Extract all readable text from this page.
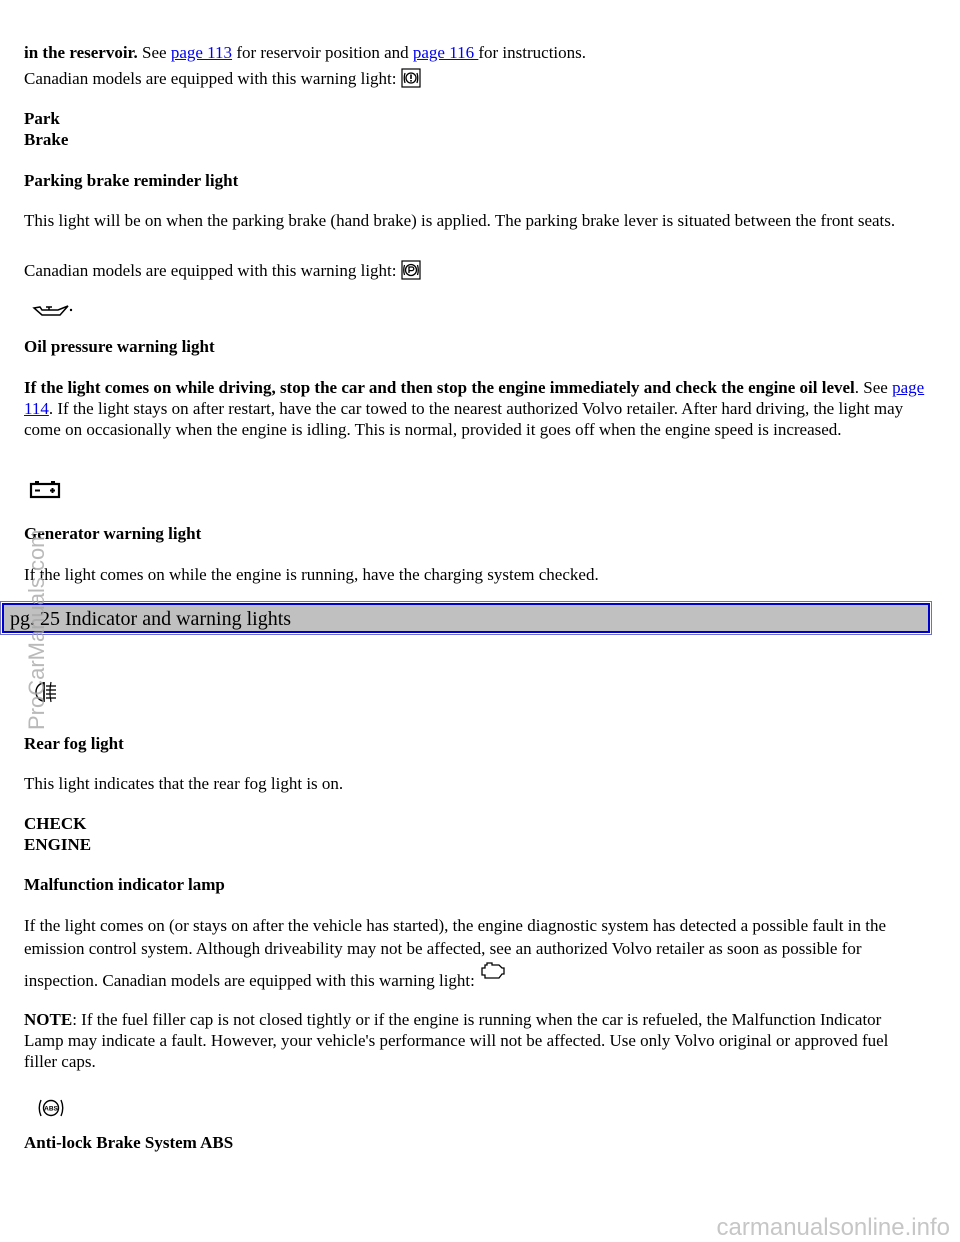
in the reservoir. See page 113 for reservoir position and page 116 for instructions.

Canadian models are equipped with this warning light:

Park

Brake

Parking brake reminder light

This light will be on when the parking brake (hand brake) is applied. The parking brake lever is situated between the front seats.

Canadian models are equipped with this warning light:

Oil pressure warning light

If the light comes on while driving, stop the car and then stop the engine immediately and check the engine oil level. See page 114. If the light stays on after restart, have the car towed to the nearest authorized Volvo retailer. After hard driving, the light may come on occasionally when the engine is idling. This is normal, provided it goes off when the engine speed is increased.

Generator warning light

If the light comes on while the engine is running, have the charging system checked.

pg. 25 Indicator and warning lights

Rear fog light

This light indicates that the rear fog light is on.

CHECK

ENGINE

Malfunction indicator lamp

If the light comes on (or stays on after the vehicle has started), the engine diagnostic system has detected a possible fault in the emission control system. Although driveability may not be affected, see an authorized Volvo retailer as soon as possible for inspection. Canadian models are equipped with this warning light:

NOTE: If the fuel filler cap is not closed tightly or if the engine is running when the car is refueled, the Malfunction Indicator Lamp may indicate a fault. However, your vehicle's performance will not be affected. Use only Volvo original or approved fuel filler caps.

ABS

Anti-lock Brake System ABS

ProCarManuals.com
carmanualsonline.info
